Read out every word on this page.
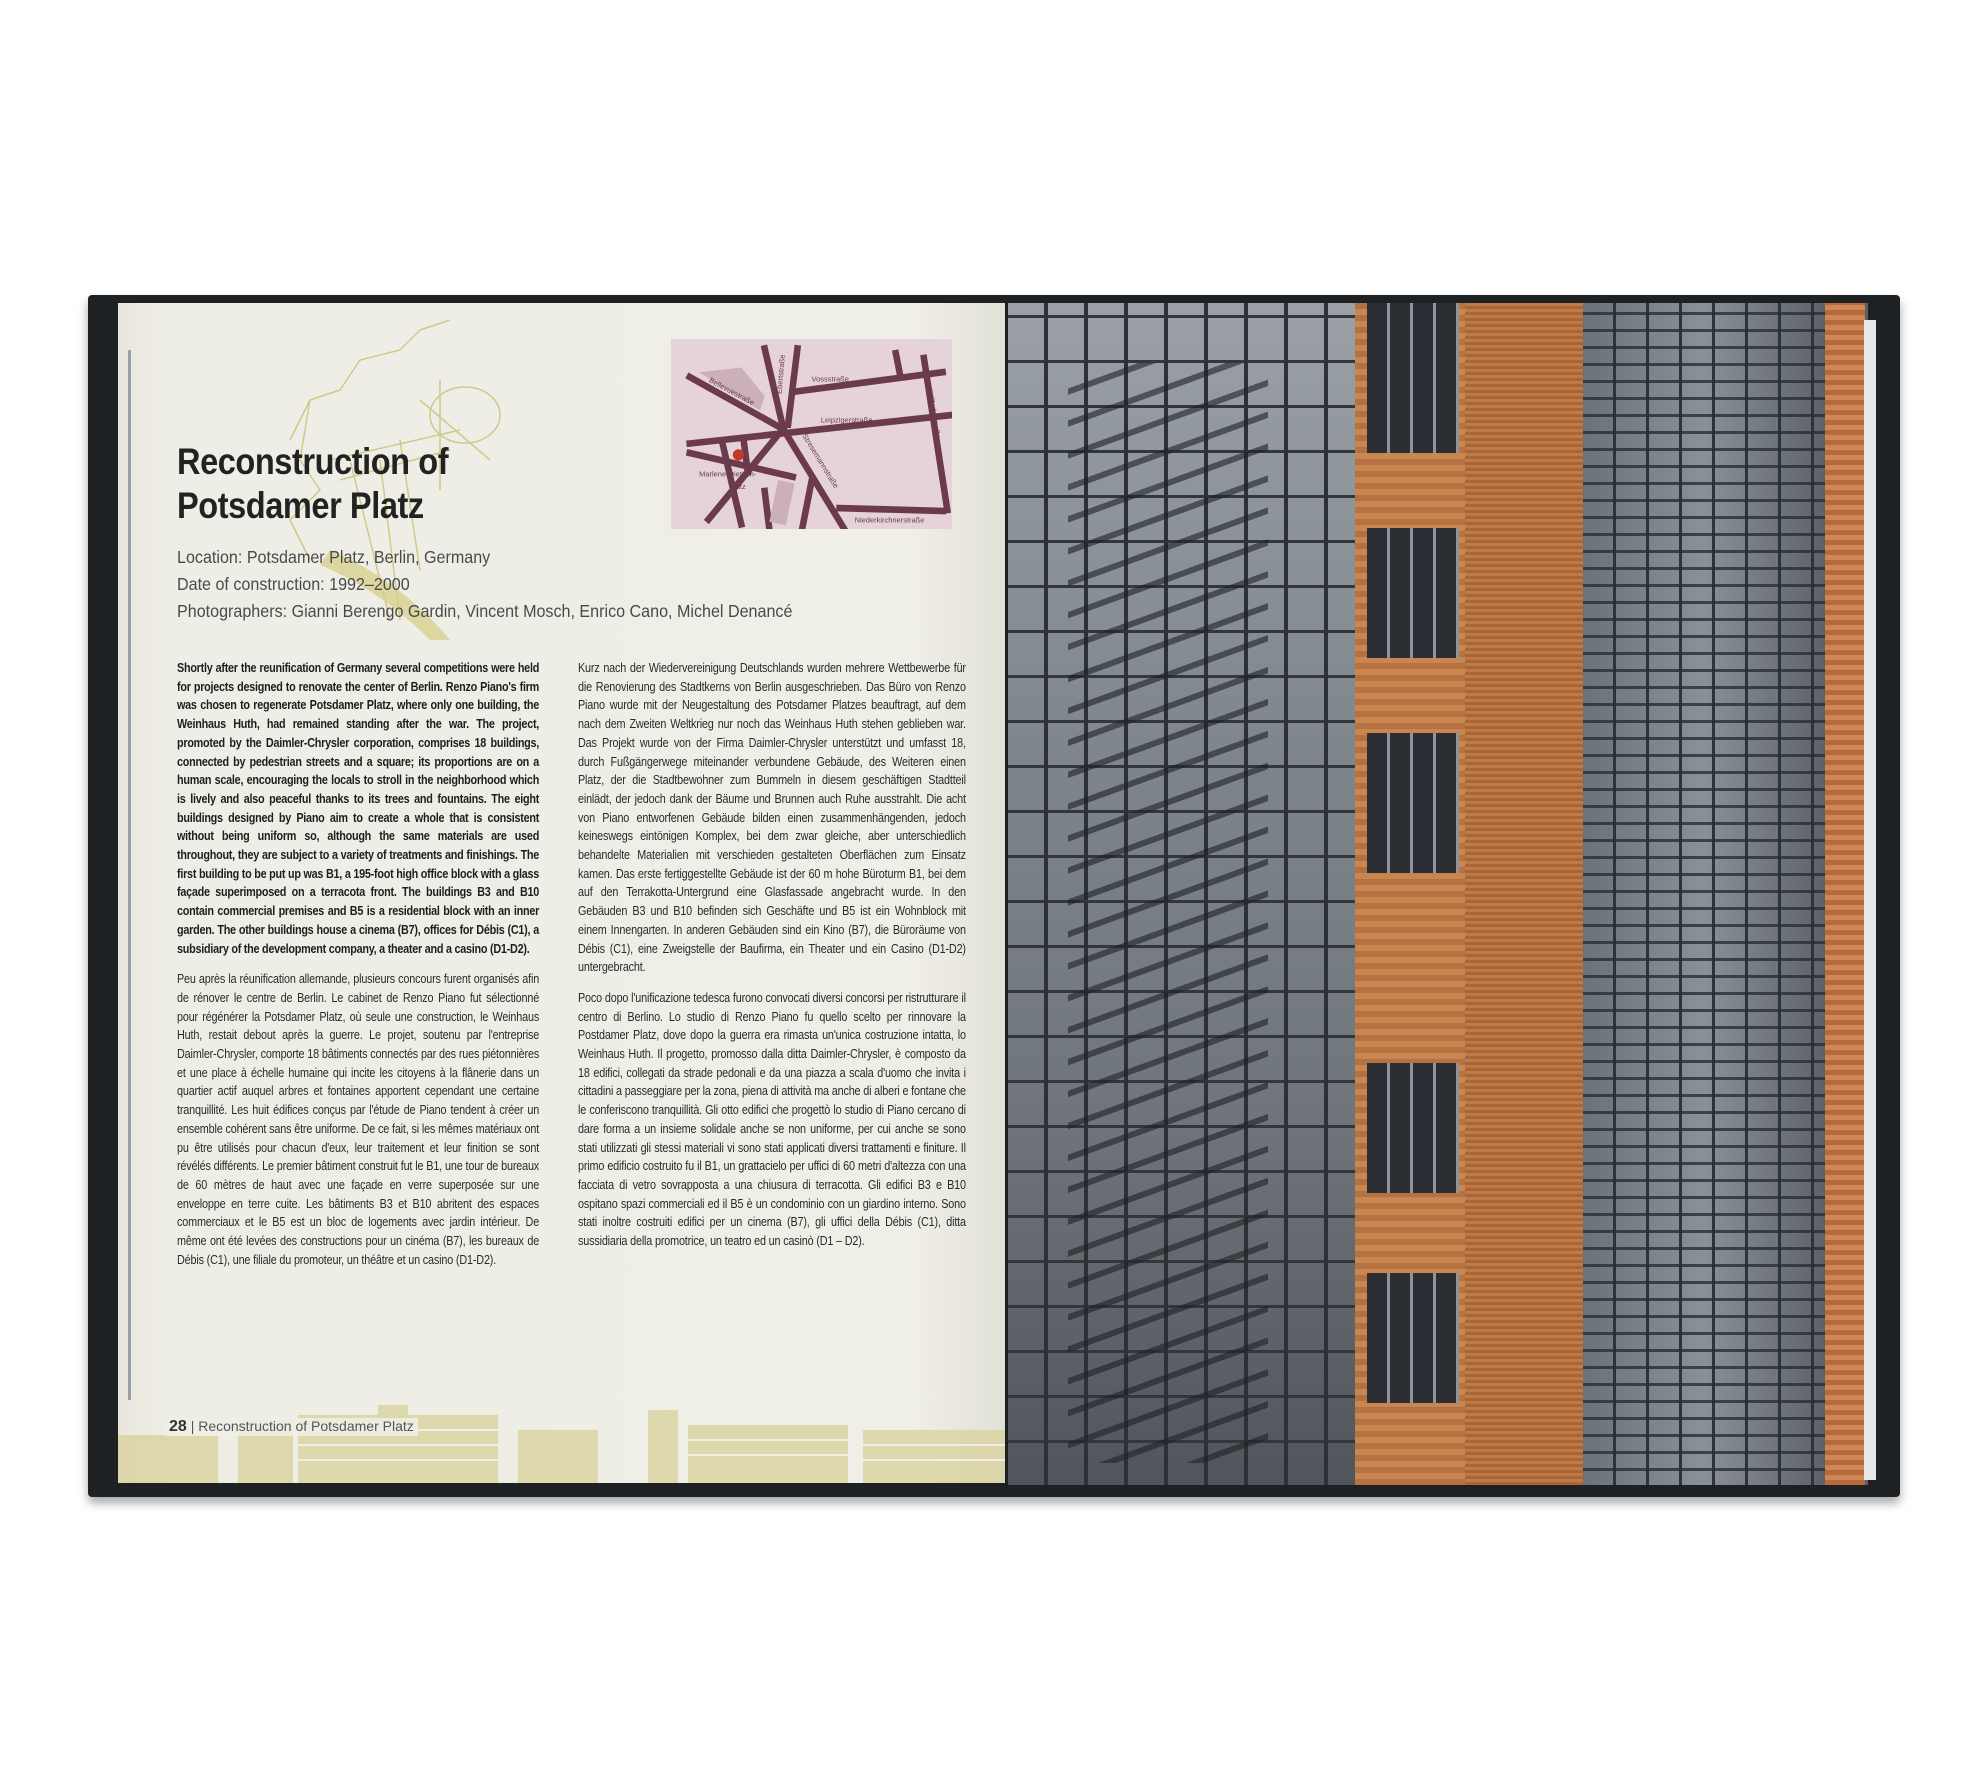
Reconstruction of
Potsdamer Platz
Location: Potsdamer Platz, Berlin, Germany
Date of construction: 1992–2000
Photographers: Gianni Berengo Gardin, Vincent Mosch, Enrico Cano, Michel Denancé
Bellevuestraße Ebertstraße	Vossstraße
Leipzigerstraße	Wilhelmstraße
Stresemannstraße
Niederkirchnerstraße
Marlene-Dietrich-
Platz

Shortly after the reunification of Germany several competitions were held for projects designed to renovate the center of Berlin. Renzo Piano's firm was chosen to regenerate Potsdamer Platz, where only one building, the Weinhaus Huth, had remained standing after the war. The project, promoted by the Daimler-Chrysler corporation, comprises 18 buildings, connected by pedestrian streets and a square; its proportions are on a human scale, encouraging the locals to stroll in the neighborhood which is lively and also peaceful thanks to its trees and fountains. The eight buildings designed by Piano aim to create a whole that is consistent without being uniform so, although the same materials are used throughout, they are subject to a variety of treatments and finishings. The first building to be put up was B1, a 195-foot high office block with a glass façade superimposed on a terracota front. The buildings B3 and B10 contain commercial premises and B5 is a residential block with an inner garden. The other buildings house a cinema (B7), offices for Débis (C1), a subsidiary of the development company, a theater and a casino (D1-D2).

Peu après la réunification allemande, plusieurs concours furent organisés afin de rénover le centre de Berlin. Le cabinet de Renzo Piano fut sélectionné pour régénérer la Potsdamer Platz, où seule une construction, le Weinhaus Huth, restait debout après la guerre. Le projet, soutenu par l'entreprise Daimler-Chrysler, comporte 18 bâtiments connectés par des rues piétonnières et une place à échelle humaine qui incite les citoyens à la flânerie dans un quartier actif auquel arbres et fontaines apportent cependant une certaine tranquillité. Les huit édifices conçus par l'étude de Piano tendent à créer un ensemble cohérent sans être uniforme. De ce fait, si les mêmes matériaux ont pu être utilisés pour chacun d'eux, leur traitement et leur finition se sont révélés différents. Le premier bâtiment construit fut le B1, une tour de bureaux de 60 mètres de haut avec une façade en verre superposée sur une enveloppe en terre cuite. Les bâtiments B3 et B10 abritent des espaces commerciaux et le B5 est un bloc de logements avec jardin intérieur. De même ont été levées des constructions pour un cinéma (B7), les bureaux de Débis (C1), une filiale du promoteur, un théâtre et un casino (D1-D2).

Kurz nach der Wiedervereinigung Deutschlands wurden mehrere Wettbewerbe für die Renovierung des Stadtkerns von Berlin ausgeschrieben. Das Büro von Renzo Piano wurde mit der Neugestaltung des Potsdamer Platzes beauftragt, auf dem nach dem Zweiten Weltkrieg nur noch das Weinhaus Huth stehen geblieben war. Das Projekt wurde von der Firma Daimler-Chrysler unterstützt und umfasst 18, durch Fußgängerwege miteinander verbundene Gebäude, des Weiteren einen Platz, der die Stadtbewohner zum Bummeln in diesem geschäftigen Stadtteil einlädt, der jedoch dank der Bäume und Brunnen auch Ruhe ausstrahlt. Die acht von Piano entworfenen Gebäude bilden einen zusammenhängenden, jedoch keineswegs eintönigen Komplex, bei dem zwar gleiche, aber unterschiedlich behandelte Materialien mit verschieden gestalteten Oberflächen zum Einsatz kamen. Das erste fertiggestellte Gebäude ist der 60 m hohe Büroturm B1, bei dem auf den Terrakotta-Untergrund eine Glasfassade angebracht wurde. In den Gebäuden B3 und B10 befinden sich Geschäfte und B5 ist ein Wohnblock mit einem Innengarten. In anderen Gebäuden sind ein Kino (B7), die Büroräume von Débis (C1), eine Zweigstelle der Baufirma, ein Theater und ein Casino (D1-D2) untergebracht.

Poco dopo l'unificazione tedesca furono convocati diversi concorsi per ristrutturare il centro di Berlino. Lo studio di Renzo Piano fu quello scelto per rinnovare la Postdamer Platz, dove dopo la guerra era rimasta un'unica costruzione intatta, lo Weinhaus Huth. Il progetto, promosso dalla ditta Daimler-Chrysler, è composto da 18 edifici, collegati da strade pedonali e da una piazza a scala d'uomo che invita i cittadini a passeggiare per la zona, piena di attività ma anche di alberi e fontane che le conferiscono tranquillità. Gli otto edifici che progettò lo studio di Piano cercano di dare forma a un insieme solidale anche se non uniforme, per cui anche se sono stati utilizzati gli stessi materiali vi sono stati applicati diversi trattamenti e finiture. Il primo edificio costruito fu il B1, un grattacielo per uffici di 60 metri d'altezza con una facciata di vetro sovrapposta a una chiusura di terracotta. Gli edifici B3 e B10 ospitano spazi commerciali ed il B5 è un condominio con un giardino interno. Sono stati inoltre costruiti edifici per un cinema (B7), gli uffici della Débis (C1), ditta sussidiaria della promotrice, un teatro ed un casinò (D1 – D2).

28 | Reconstruction of Potsdamer Platz
